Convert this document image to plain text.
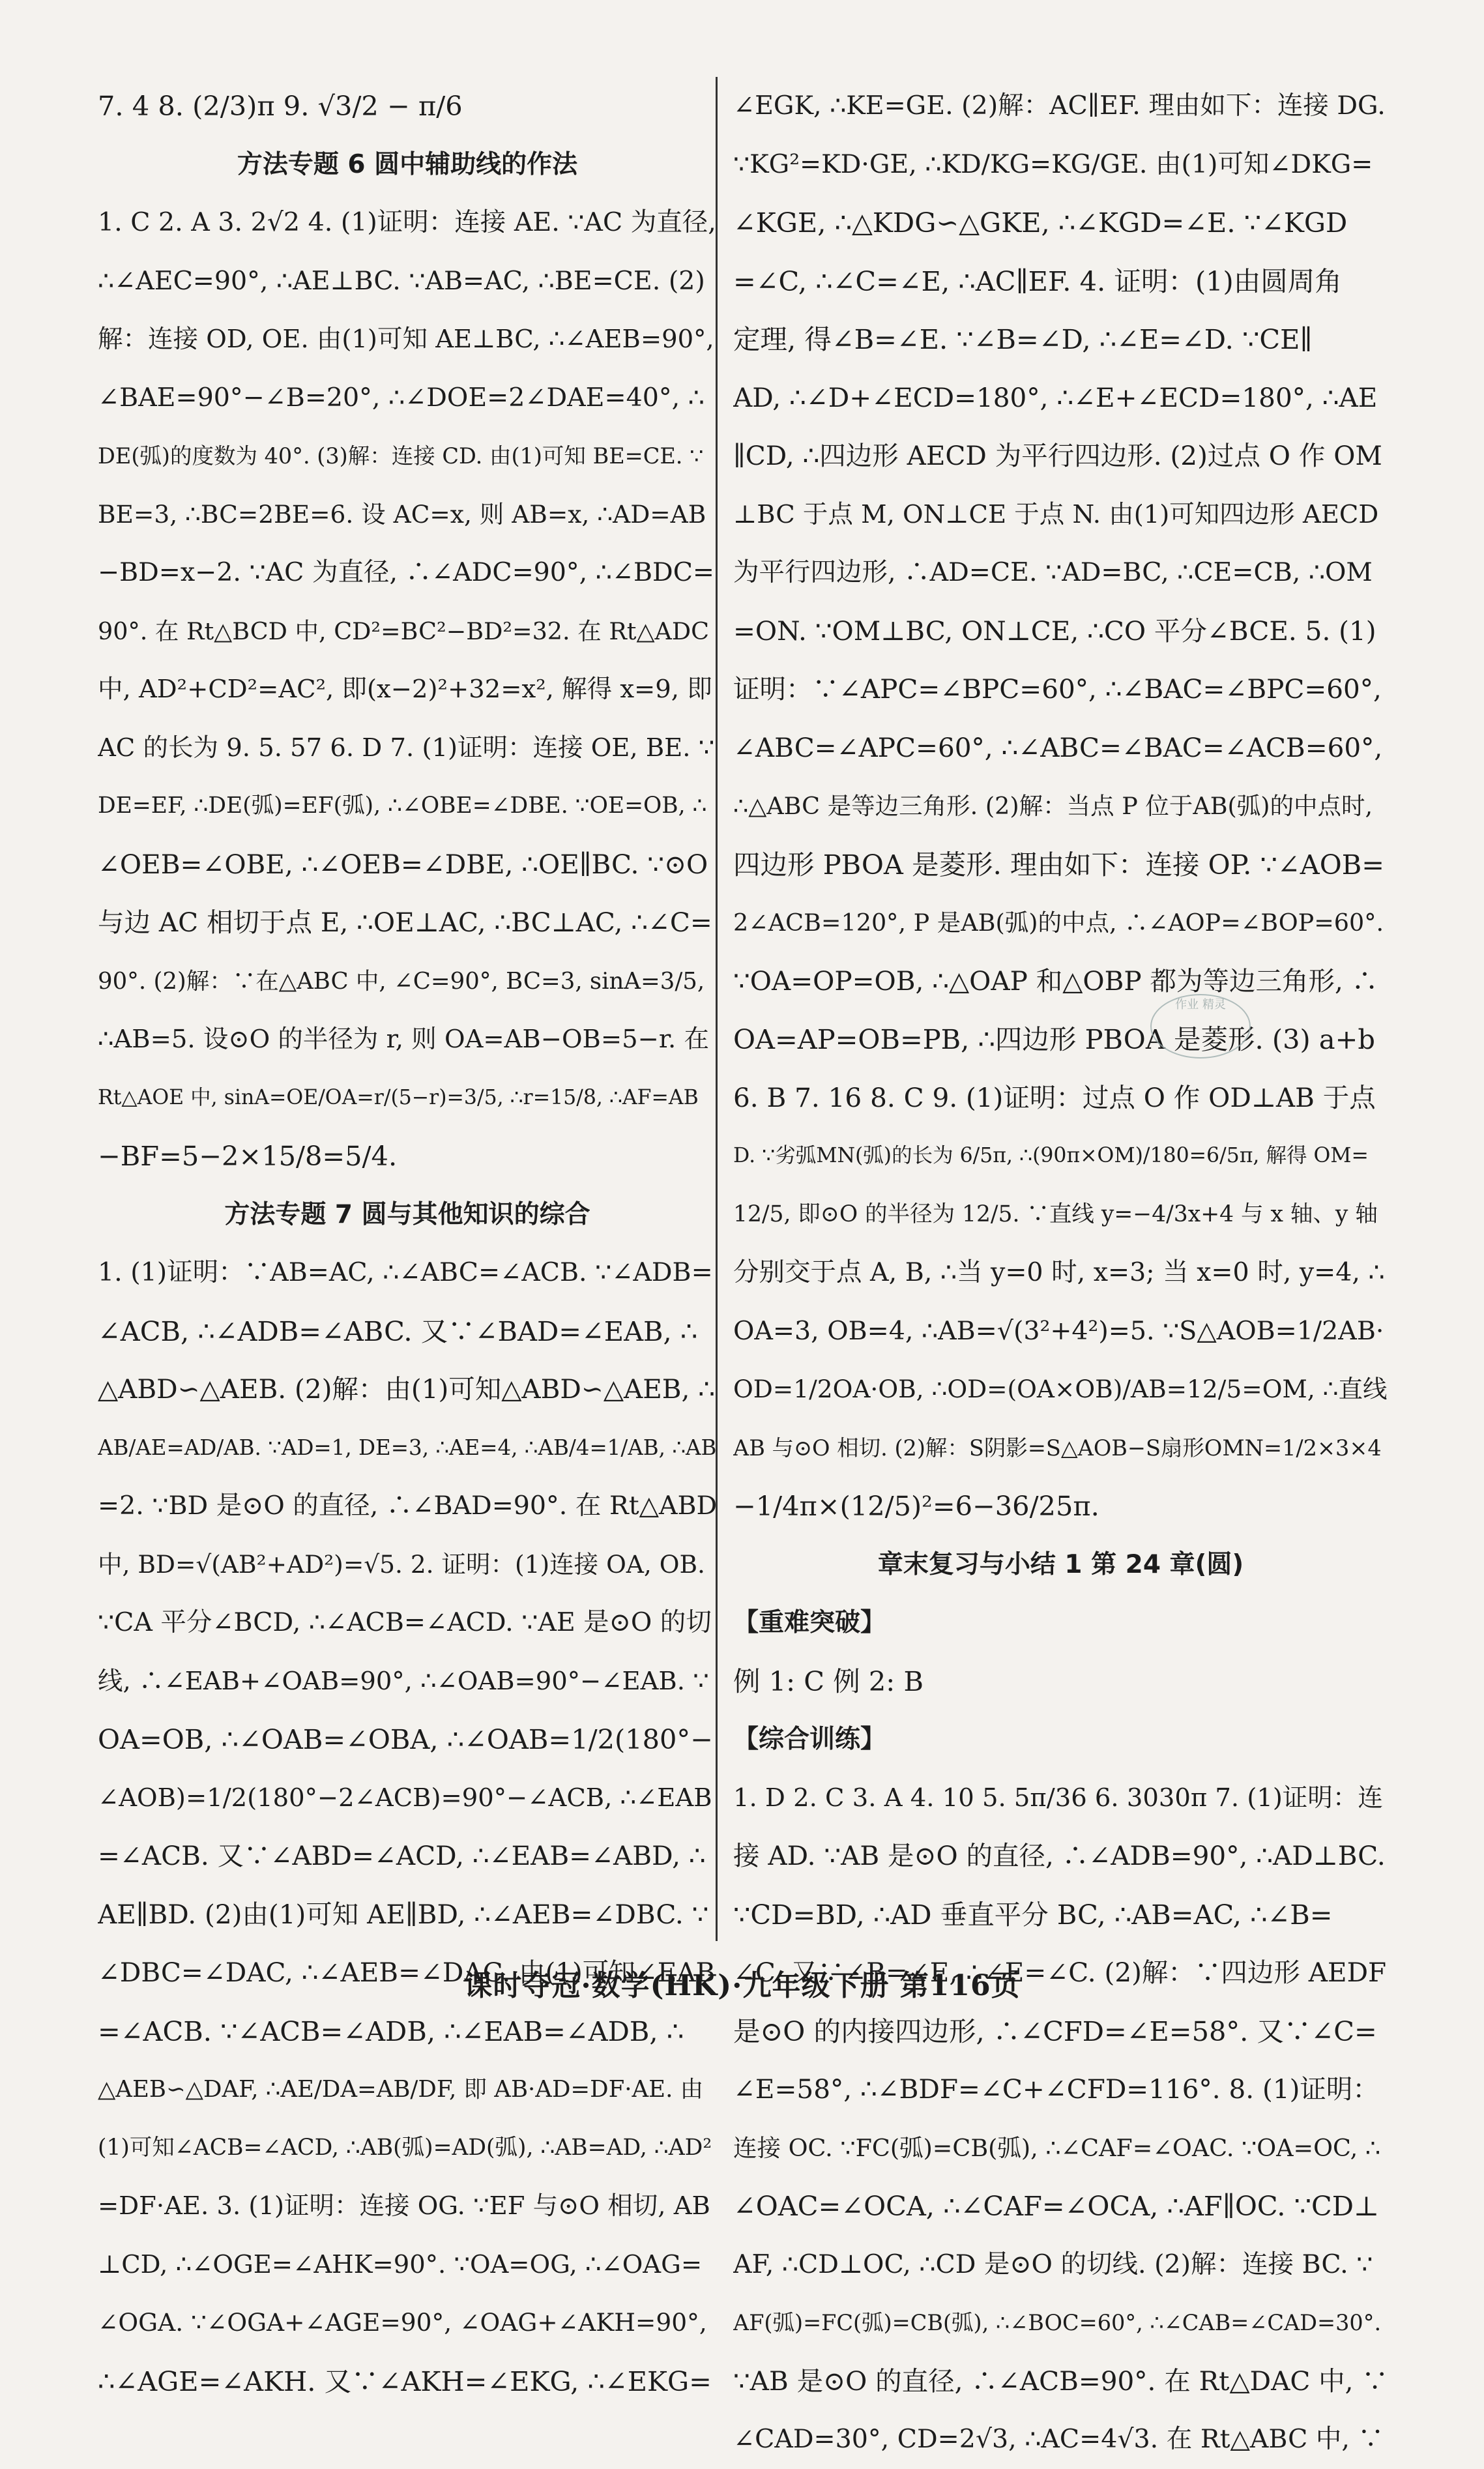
7. 4 8. (2/3)π 9. √3/2 − π/6
方法专题 6 圆中辅助线的作法
1. C 2. A 3. 2√2 4. (1)证明：连接 AE. ∵AC 为直径,
∴∠AEC=90°, ∴AE⊥BC. ∵AB=AC, ∴BE=CE. (2)
解：连接 OD, OE. 由(1)可知 AE⊥BC, ∴∠AEB=90°,
∠BAE=90°−∠B=20°, ∴∠DOE=2∠DAE=40°, ∴
DE(弧)的度数为 40°. (3)解：连接 CD. 由(1)可知 BE=CE. ∵
BE=3, ∴BC=2BE=6. 设 AC=x, 则 AB=x, ∴AD=AB
−BD=x−2. ∵AC 为直径, ∴∠ADC=90°, ∴∠BDC=
90°. 在 Rt△BCD 中, CD²=BC²−BD²=32. 在 Rt△ADC
中, AD²+CD²=AC², 即(x−2)²+32=x², 解得 x=9, 即
AC 的长为 9. 5. 57 6. D 7. (1)证明：连接 OE, BE. ∵
DE=EF, ∴DE(弧)=EF(弧), ∴∠OBE=∠DBE. ∵OE=OB, ∴
∠OEB=∠OBE, ∴∠OEB=∠DBE, ∴OE∥BC. ∵⊙O
与边 AC 相切于点 E, ∴OE⊥AC, ∴BC⊥AC, ∴∠C=
90°. (2)解：∵在△ABC 中, ∠C=90°, BC=3, sinA=3/5,
∴AB=5. 设⊙O 的半径为 r, 则 OA=AB−OB=5−r. 在
Rt△AOE 中, sinA=OE/OA=r/(5−r)=3/5, ∴r=15/8, ∴AF=AB
−BF=5−2×15/8=5/4.
方法专题 7 圆与其他知识的综合
1. (1)证明：∵AB=AC, ∴∠ABC=∠ACB. ∵∠ADB=
∠ACB, ∴∠ADB=∠ABC. 又∵∠BAD=∠EAB, ∴
△ABD∽△AEB. (2)解：由(1)可知△ABD∽△AEB, ∴
AB/AE=AD/AB. ∵AD=1, DE=3, ∴AE=4, ∴AB/4=1/AB, ∴AB
=2. ∵BD 是⊙O 的直径, ∴∠BAD=90°. 在 Rt△ABD
中, BD=√(AB²+AD²)=√5. 2. 证明：(1)连接 OA, OB.
∵CA 平分∠BCD, ∴∠ACB=∠ACD. ∵AE 是⊙O 的切
线, ∴∠EAB+∠OAB=90°, ∴∠OAB=90°−∠EAB. ∵
OA=OB, ∴∠OAB=∠OBA, ∴∠OAB=1/2(180°−
∠AOB)=1/2(180°−2∠ACB)=90°−∠ACB, ∴∠EAB
=∠ACB. 又∵∠ABD=∠ACD, ∴∠EAB=∠ABD, ∴
AE∥BD. (2)由(1)可知 AE∥BD, ∴∠AEB=∠DBC. ∵
∠DBC=∠DAC, ∴∠AEB=∠DAC. 由(1)可知∠EAB
=∠ACB. ∵∠ACB=∠ADB, ∴∠EAB=∠ADB, ∴
△AEB∽△DAF, ∴AE/DA=AB/DF, 即 AB·AD=DF·AE. 由
(1)可知∠ACB=∠ACD, ∴AB(弧)=AD(弧), ∴AB=AD, ∴AD²
=DF·AE. 3. (1)证明：连接 OG. ∵EF 与⊙O 相切, AB
⊥CD, ∴∠OGE=∠AHK=90°. ∵OA=OG, ∴∠OAG=
∠OGA. ∵∠OGA+∠AGE=90°, ∠OAG+∠AKH=90°,
∴∠AGE=∠AKH. 又∵∠AKH=∠EKG, ∴∠EKG=
∠EGK, ∴KE=GE. (2)解：AC∥EF. 理由如下：连接 DG.
∵KG²=KD·GE, ∴KD/KG=KG/GE. 由(1)可知∠DKG=
∠KGE, ∴△KDG∽△GKE, ∴∠KGD=∠E. ∵∠KGD
=∠C, ∴∠C=∠E, ∴AC∥EF. 4. 证明：(1)由圆周角
定理, 得∠B=∠E. ∵∠B=∠D, ∴∠E=∠D. ∵CE∥
AD, ∴∠D+∠ECD=180°, ∴∠E+∠ECD=180°, ∴AE
∥CD, ∴四边形 AECD 为平行四边形. (2)过点 O 作 OM
⊥BC 于点 M, ON⊥CE 于点 N. 由(1)可知四边形 AECD
为平行四边形, ∴AD=CE. ∵AD=BC, ∴CE=CB, ∴OM
=ON. ∵OM⊥BC, ON⊥CE, ∴CO 平分∠BCE. 5. (1)
证明：∵∠APC=∠BPC=60°, ∴∠BAC=∠BPC=60°,
∠ABC=∠APC=60°, ∴∠ABC=∠BAC=∠ACB=60°,
∴△ABC 是等边三角形. (2)解：当点 P 位于AB(弧)的中点时,
四边形 PBOA 是菱形. 理由如下：连接 OP. ∵∠AOB=
2∠ACB=120°, P 是AB(弧)的中点, ∴∠AOP=∠BOP=60°.
∵OA=OP=OB, ∴△OAP 和△OBP 都为等边三角形, ∴
OA=AP=OB=PB, ∴四边形 PBOA 是菱形. (3) a+b
6. B 7. 16 8. C 9. (1)证明：过点 O 作 OD⊥AB 于点
D. ∵劣弧MN(弧)的长为 6/5π, ∴(90π×OM)/180=6/5π, 解得 OM=
12/5, 即⊙O 的半径为 12/5. ∵直线 y=−4/3x+4 与 x 轴、y 轴
分别交于点 A, B, ∴当 y=0 时, x=3; 当 x=0 时, y=4, ∴
OA=3, OB=4, ∴AB=√(3²+4²)=5. ∵S△AOB=1/2AB·
OD=1/2OA·OB, ∴OD=(OA×OB)/AB=12/5=OM, ∴直线
AB 与⊙O 相切. (2)解：S阴影=S△AOB−S扇形OMN=1/2×3×4
−1/4π×(12/5)²=6−36/25π.
章末复习与小结 1 第 24 章(圆)
【重难突破】
例 1: C 例 2: B
【综合训练】
1. D 2. C 3. A 4. 10 5. 5π/36 6. 3030π 7. (1)证明：连
接 AD. ∵AB 是⊙O 的直径, ∴∠ADB=90°, ∴AD⊥BC.
∵CD=BD, ∴AD 垂直平分 BC, ∴AB=AC, ∴∠B=
∠C. 又∵∠B=∠E, ∴∠E=∠C. (2)解：∵四边形 AEDF
是⊙O 的内接四边形, ∴∠CFD=∠E=58°. 又∵∠C=
∠E=58°, ∴∠BDF=∠C+∠CFD=116°. 8. (1)证明：
连接 OC. ∵FC(弧)=CB(弧), ∴∠CAF=∠OAC. ∵OA=OC, ∴
∠OAC=∠OCA, ∴∠CAF=∠OCA, ∴AF∥OC. ∵CD⊥
AF, ∴CD⊥OC, ∴CD 是⊙O 的切线. (2)解：连接 BC. ∵
AF(弧)=FC(弧)=CB(弧), ∴∠BOC=60°, ∴∠CAB=∠CAD=30°.
∵AB 是⊙O 的直径, ∴∠ACB=90°. 在 Rt△DAC 中, ∵
∠CAD=30°, CD=2√3, ∴AC=4√3. 在 Rt△ABC 中, ∵
作业 精灵
课时夺冠·数学(HK)·九年级下册 第116页
